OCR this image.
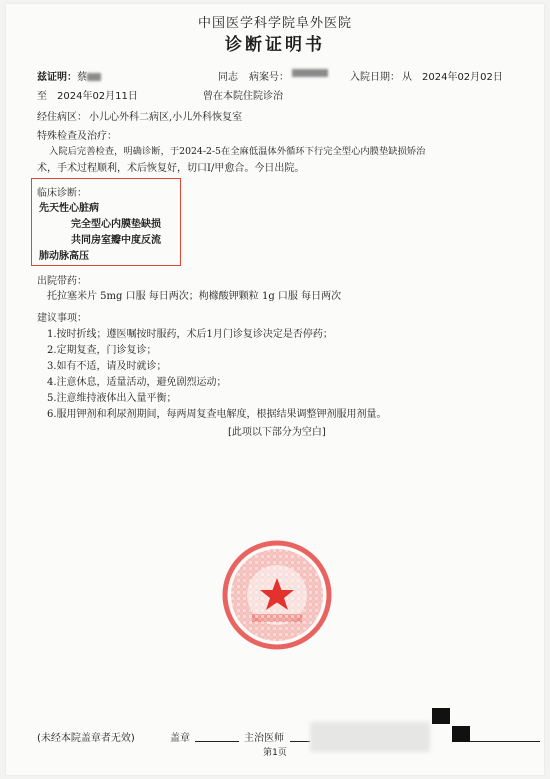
中国医学科学院阜外医院
诊断证明书
兹证明： 蔡	同志 病案号：	入院日期： 从 2024年02月02日
至 2024年02月11日	曾在本院住院诊治
经住病区： 小儿心外科二病区,小儿外科恢复室
特殊检查及治疗：
入院后完善检查，明确诊断，于2024-2-5在全麻低温体外循环下行完全型心内膜垫缺损矫治
术，手术过程顺利，术后恢复好，切口Ⅰ/甲愈合。今日出院。
临床诊断：
先天性心脏病
完全型心内膜垫缺损
共同房室瓣中度反流
肺动脉高压
出院带药：
托拉塞米片 5mg 口服 每日两次；枸橼酸钾颗粒 1g 口服 每日两次
建议事项：
1.按时折线；遵医嘱按时服药，术后1月门诊复诊决定是否停药；
2.定期复查，门诊复诊；
3.如有不适，请及时就诊；
4.注意休息，适量活动，避免剧烈运动；
5.注意维持液体出入量平衡；
6.服用钾剂和利尿剂期间，每两周复查电解度，根据结果调整钾剂服用剂量。
[此项以下部分为空白]
(未经本院盖章者无效)	盖章	主治医师
第1页
